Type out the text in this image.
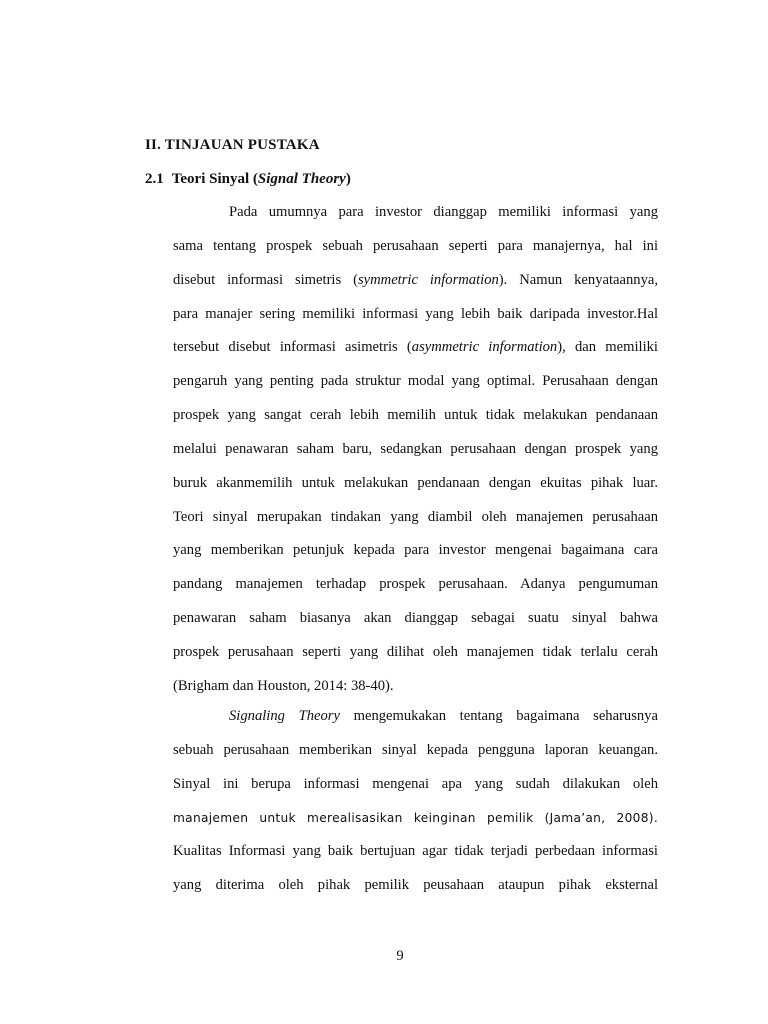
II. TINJAUAN PUSTAKA
2.1 Teori Sinyal (Signal Theory)
Pada umumnya para investor dianggap memiliki informasi yang
sama tentang prospek sebuah perusahaan seperti para manajernya, hal ini
disebut informasi simetris (symmetric information). Namun kenyataannya,
para manajer sering memiliki informasi yang lebih baik daripada investor.Hal
tersebut disebut informasi asimetris (asymmetric information), dan memiliki
pengaruh yang penting pada struktur modal yang optimal. Perusahaan dengan
prospek yang sangat cerah lebih memilih untuk tidak melakukan pendanaan
melalui penawaran saham baru, sedangkan perusahaan dengan prospek yang
buruk akanmemilih untuk melakukan pendanaan dengan ekuitas pihak luar.
Teori sinyal merupakan tindakan yang diambil oleh manajemen perusahaan
yang memberikan petunjuk kepada para investor mengenai bagaimana cara
pandang manajemen terhadap prospek perusahaan. Adanya pengumuman
penawaran saham biasanya akan dianggap sebagai suatu sinyal bahwa
prospek perusahaan seperti yang dilihat oleh manajemen tidak terlalu cerah
(Brigham dan Houston, 2014: 38-40).
Signaling Theory mengemukakan tentang bagaimana seharusnya
sebuah perusahaan memberikan sinyal kepada pengguna laporan keuangan.
Sinyal ini berupa informasi mengenai apa yang sudah dilakukan oleh
manajemen untuk merealisasikan keinginan pemilik (Jama’an, 2008).
Kualitas Informasi yang baik bertujuan agar tidak terjadi perbedaan informasi
yang diterima oleh pihak pemilik peusahaan ataupun pihak eksternal
9
